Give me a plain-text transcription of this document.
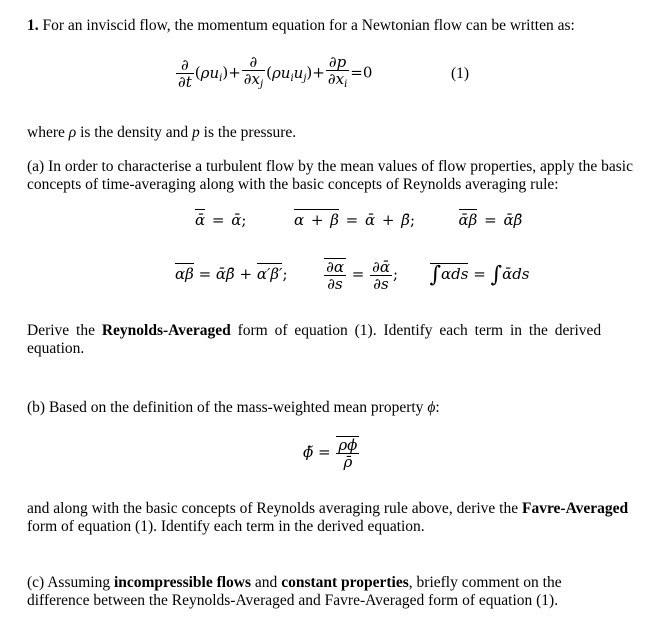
1. For an inviscid flow, the momentum equation for a Newtonian flow can be written as:
$\frac{\partial}{\partial t} (\rho u_i)+ \frac{\partial}{\partial x_j} (\rho u_iu_j)+ \frac{\partial p}{\partial x_i} =0$	(1)
where ρ is the density and p is the pressure.
(a) In order to characterise a turbulent flow by the mean values of flow properties, apply the basic concepts of time-averaging along with the basic concepts of Reynolds averaging rule:
ᾱ = ᾱ;	α + β = ᾱ + β̄;  ᾱβ = ᾱβ̄
αβ = ᾱβ̄ + α′β′; $\frac{\partial\alpha}{\partial s} = \frac{\text{∂ᾱ}}{\partial s}$ ;  ∫αds = ∫ᾱds
Derive the Reynolds-Averaged form of equation (1). Identify each term in the derived equation.
(b) Based on the definition of the mass-weighted mean property ϕ:
ϕ̃ = $\frac{\rho\phi}{\rhō}$
and along with the basic concepts of Reynolds averaging rule above, derive the Favre-Averaged form of equation (1). Identify each term in the derived equation.
(c) Assuming incompressible flows and constant properties, briefly comment on the difference between the Reynolds-Averaged and Favre-Averaged form of equation (1).
